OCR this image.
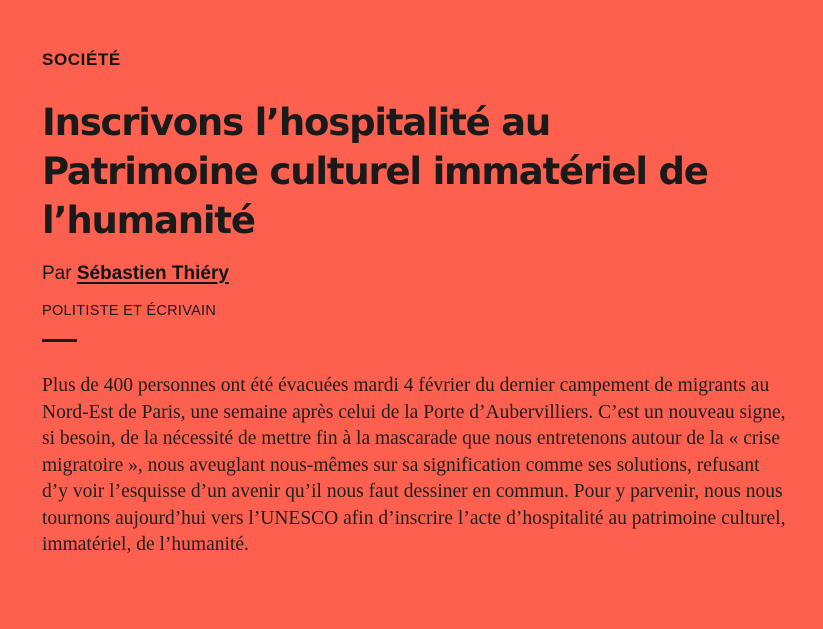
SOCIÉTÉ
Inscrivons l’hospitalité au Patrimoine culturel immatériel de l’humanité
Par Sébastien Thiéry
POLITISTE ET ÉCRIVAIN

Plus de 400 personnes ont été évacuées mardi 4 février du dernier campement de migrants au Nord-Est de Paris, une semaine après celui de la Porte d’Aubervilliers. C’est un nouveau signe, si besoin, de la nécessité de mettre fin à la mascarade que nous entretenons autour de la « crise migratoire », nous aveuglant nous-mêmes sur sa signification comme ses solutions, refusant d’y voir l’esquisse d’un avenir qu’il nous faut dessiner en commun. Pour y parvenir, nous nous tournons aujourd’hui vers l’UNESCO afin d’inscrire l’acte d’hospitalité au patrimoine culturel, immatériel, de l’humanité.
